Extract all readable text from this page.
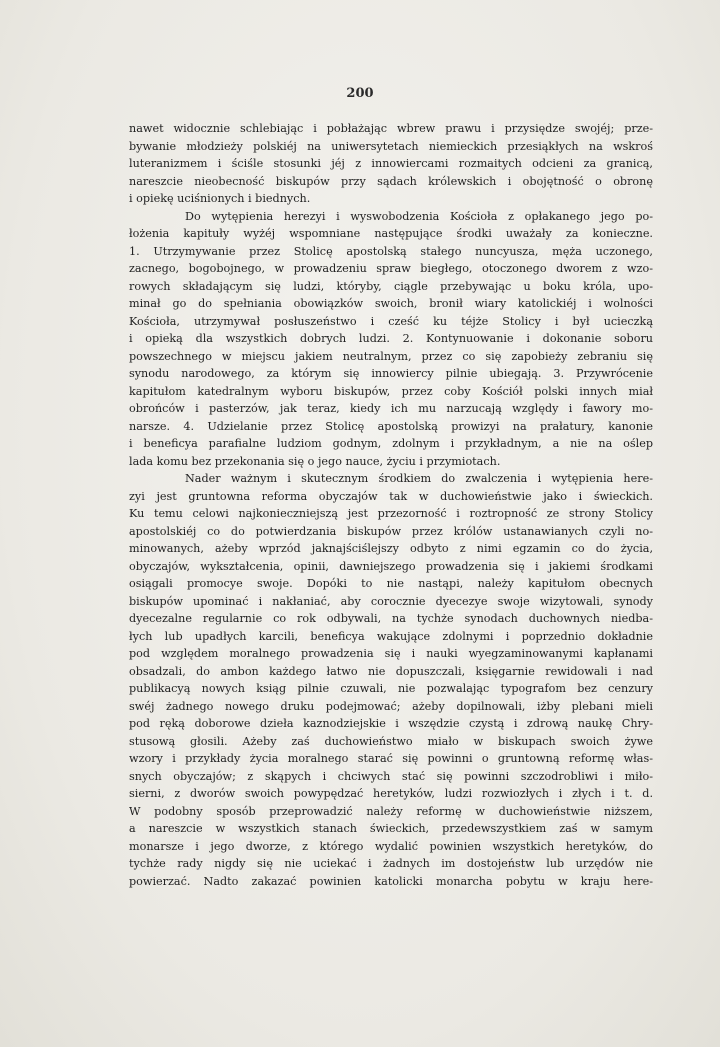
200

nawet widocznie schlebiając i pobłażając wbrew prawu i przysiędze swojéj; prze-
bywanie młodzieży polskiéj na uniwersytetach niemieckich przesiąkłych na wskroś
luteranizmem i ściśle stosunki jéj z innowiercami rozmaitych odcieni za granicą,
nareszcie nieobecność biskupów przy sądach królewskich i obojętność o obronę
i opiekę uciśnionych i biednych.

Do wytępienia herezyi i wyswobodzenia Kościoła z opłakanego jego po-
łożenia kapituły wyżéj wspomniane następujące środki uważały za konieczne.
1. Utrzymywanie przez Stolicę apostolską stałego nuncyusza, męża uczonego,
zacnego, bogobojnego, w prowadzeniu spraw biegłego, otoczonego dworem z wzo-
rowych składającym się ludzi, któryby, ciągle przebywając u boku króla, upo-
minał go do spełniania obowiązków swoich, bronił wiary katolickiéj i wolności
Kościoła, utrzymywał posłuszeństwo i cześć ku téjże Stolicy i był ucieczką
i opieką dla wszystkich dobrych ludzi. 2. Kontynuowanie i dokonanie soboru
powszechnego w miejscu jakiem neutralnym, przez co się zapobieży zebraniu się
synodu narodowego, za którym się innowiercy pilnie ubiegają. 3. Przywrócenie
kapitułom katedralnym wyboru biskupów, przez coby Kościół polski innych miał
obrońców i pasterzów, jak teraz, kiedy ich mu narzucają względy i fawory mo-
narsze. 4. Udzielanie przez Stolicę apostolską prowizyi na prałatury, kanonie
i beneficya parafialne ludziom godnym, zdolnym i przykładnym, a nie na oślep
lada komu bez przekonania się o jego nauce, życiu i przymiotach.

Nader ważnym i skutecznym środkiem do zwalczenia i wytępienia here-
zyi jest gruntowna reforma obyczajów tak w duchowieństwie jako i świeckich.
Ku temu celowi najkonieczniejszą jest przezorność i roztropność ze strony Stolicy
apostolskiéj co do potwierdzania biskupów przez królów ustanawianych czyli no-
minowanych, ażeby wprzód jaknajściślejszy odbyto z nimi egzamin co do życia,
obyczajów, wykształcenia, opinii, dawniejszego prowadzenia się i jakiemi środkami
osiągali promocye swoje. Dopóki to nie nastąpi, należy kapitułom obecnych
biskupów upominać i nakłaniać, aby corocznie dyecezye swoje wizytowali, synody
dyecezalne regularnie co rok odbywali, na tychże synodach duchownych niedba-
łych lub upadłych karcili, beneficya wakujące zdolnymi i poprzednio dokładnie
pod względem moralnego prowadzenia się i nauki wyegzaminowanymi kapłanami
obsadzali, do ambon każdego łatwo nie dopuszczali, księgarnie rewidowali i nad
publikacyą nowych ksiąg pilnie czuwali, nie pozwalając typografom bez cenzury
swéj żadnego nowego druku podejmować; ażeby dopilnowali, iżby plebani mieli
pod ręką doborowe dzieła kaznodziejskie i wszędzie czystą i zdrową naukę Chry-
stusową głosili. Ażeby zaś duchowieństwo miało w biskupach swoich żywe
wzory i przykłady życia moralnego starać się powinni o gruntowną reformę włas-
snych obyczajów; z skąpych i chciwych stać się powinni szczodrobliwi i miło-
sierni, z dworów swoich powypędzać heretyków, ludzi rozwiozłych i złych i t. d.
W podobny sposób przeprowadzić należy reformę w duchowieństwie niższem,
a nareszcie w wszystkich stanach świeckich, przedewszystkiem zaś w samym
monarsze i jego dworze, z którego wydalić powinien wszystkich heretyków, do
tychże rady nigdy się nie uciekać i żadnych im dostojeństw lub urzędów nie
powierzać. Nadto zakazać powinien katolicki monarcha pobytu w kraju here-
